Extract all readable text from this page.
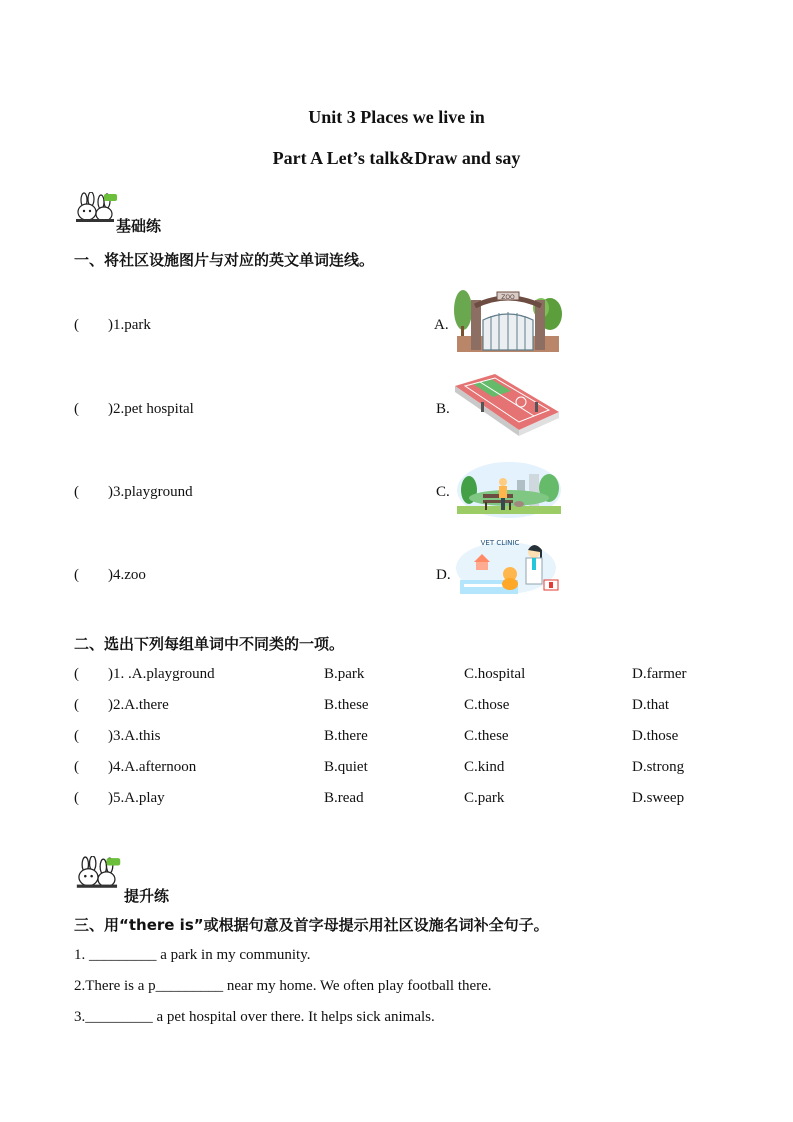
Unit 3 Places we live in
Part A Let’s talk&Draw and say
基础练
一、将社区设施图片与对应的英文单词连线。
( )1.park	A.
( )2.pet hospital	B.
( )3.playground	C.
( )4.zoo	D.
ZOO
VET CLINIC
二、选出下列每组单词中不同类的一项。
( )1. .A.playground	B.park	C.hospital	D.farmer
( )2.A.there	B.these	C.those	D.that
( )3.A.this	B.there	C.these	D.those
( )4.A.afternoon	B.quiet	C.kind	D.strong
( )5.A.play	B.read	C.park	D.sweep
提升练
三、用“there is”或根据句意及首字母提示用社区设施名词补全句子。
1. _________ a park in my community.
2.There is a p_________ near my home. We often play football there.
3._________ a pet hospital over there. It helps sick animals.
